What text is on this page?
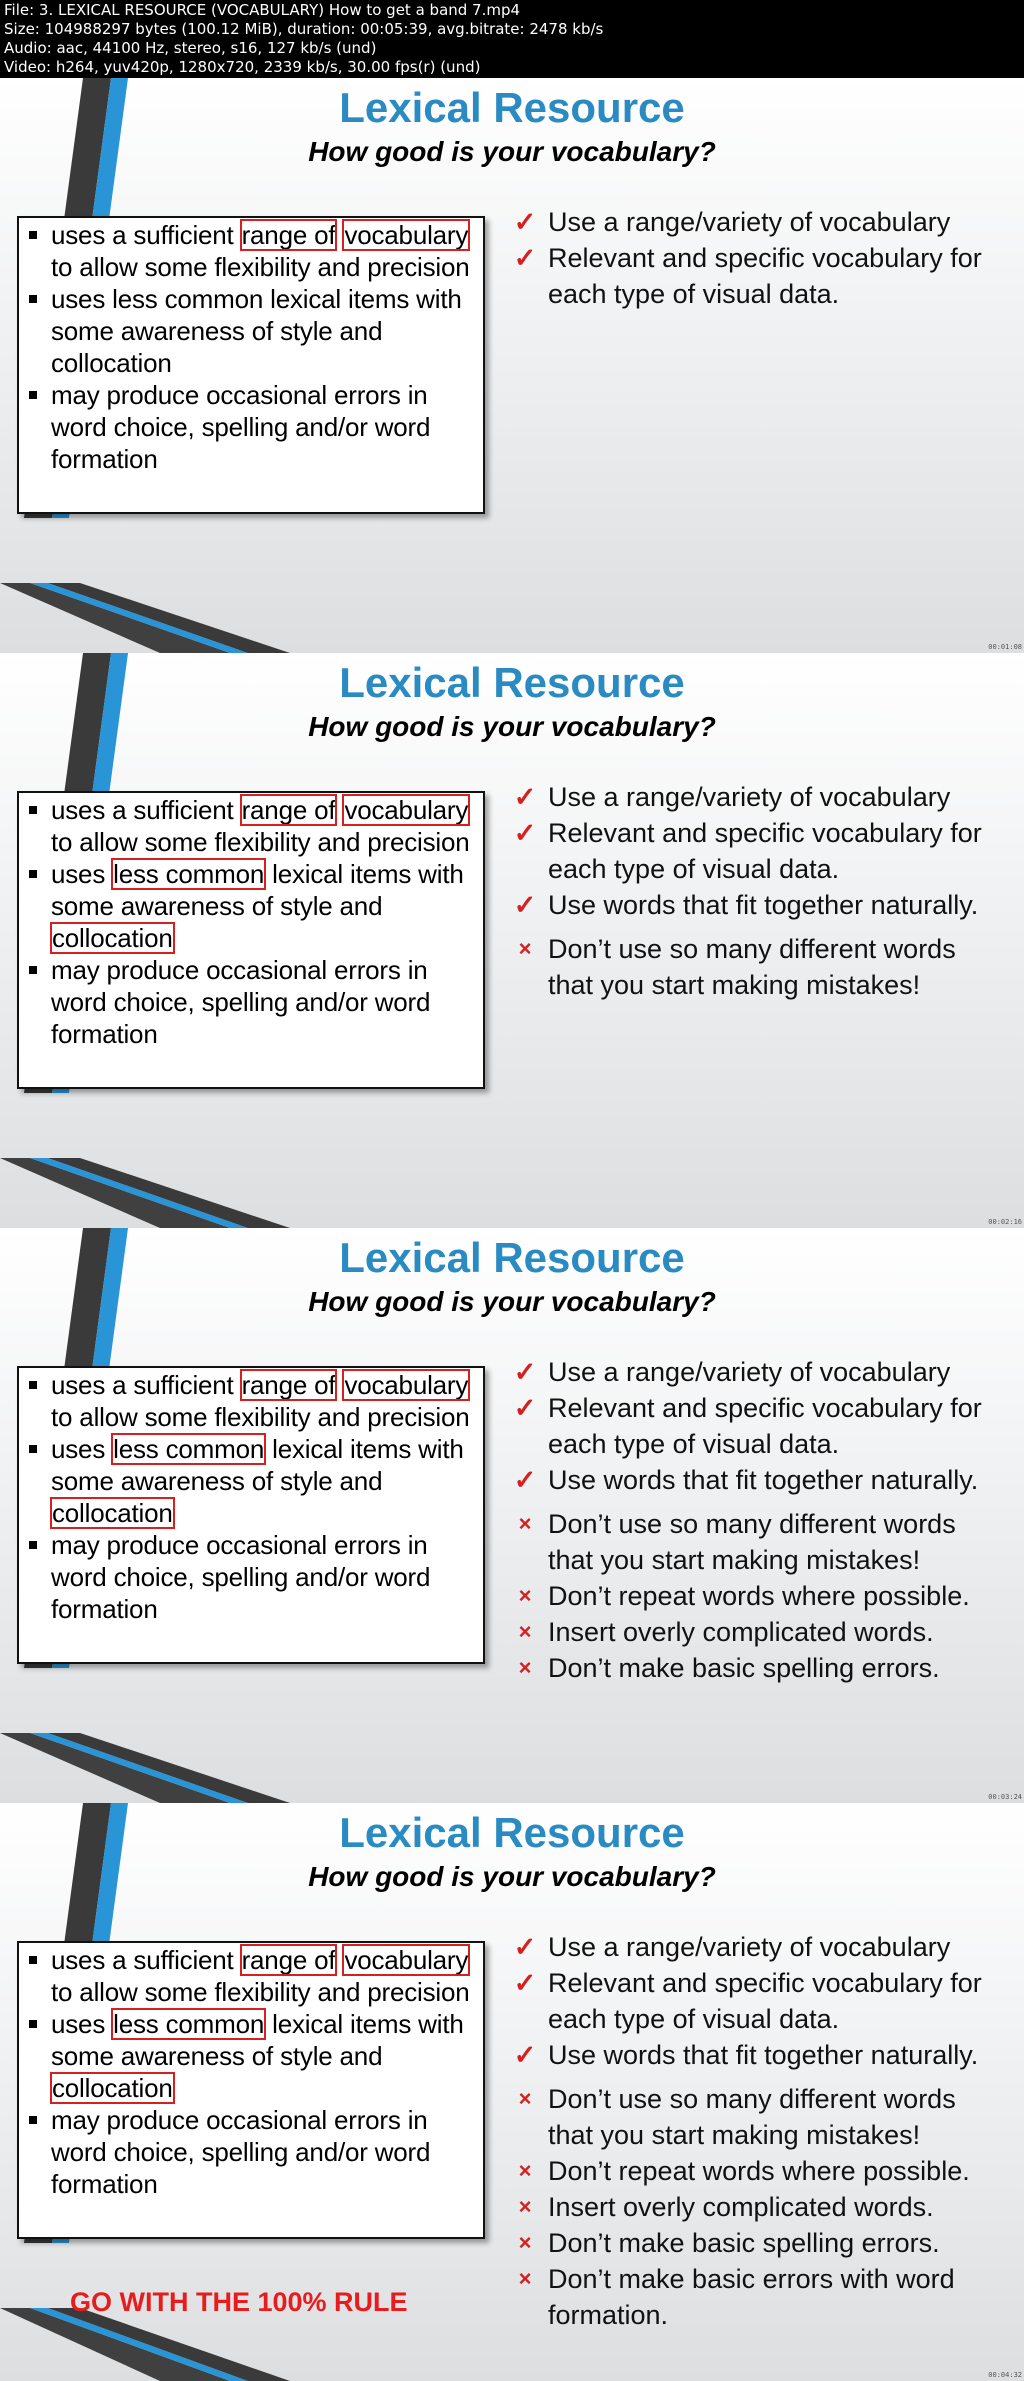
File: 3. LEXICAL RESOURCE (VOCABULARY) How to get a band 7.mp4
Size: 104988297 bytes (100.12 MiB), duration: 00:05:39, avg.bitrate: 2478 kb/s
Audio: aac, 44100 Hz, stereo, s16, 127 kb/s (und)
Video: h264, yuv420p, 1280x720, 2339 kb/s, 30.00 fps(r) (und)
Lexical Resource
How good is your vocabulary?
uses a sufficient range of vocabulary to allow some flexibility and precision
uses less common lexical items with some awareness of style and collocation
may produce occasional errors in word choice, spelling and/or word formation
✓ Use a range/variety of vocabulary
✓ Relevant and specific vocabulary for each type of visual data.
00:01:08
Lexical Resource
How good is your vocabulary?
uses a sufficient range of vocabulary to allow some flexibility and precision
uses less common lexical items with some awareness of style and collocation
may produce occasional errors in word choice, spelling and/or word formation
✓ Use a range/variety of vocabulary
✓ Relevant and specific vocabulary for each type of visual data.
✓ Use words that fit together naturally.
× Don’t use so many different words that you start making mistakes!
00:02:16
Lexical Resource
How good is your vocabulary?
uses a sufficient range of vocabulary to allow some flexibility and precision
uses less common lexical items with some awareness of style and collocation
may produce occasional errors in word choice, spelling and/or word formation
✓ Use a range/variety of vocabulary
✓ Relevant and specific vocabulary for each type of visual data.
✓ Use words that fit together naturally.
× Don’t use so many different words that you start making mistakes!
× Don’t repeat words where possible.
× Insert overly complicated words.
× Don’t make basic spelling errors.
00:03:24
Lexical Resource
How good is your vocabulary?
uses a sufficient range of vocabulary to allow some flexibility and precision
uses less common lexical items with some awareness of style and collocation
may produce occasional errors in word choice, spelling and/or word formation
GO WITH THE 100% RULE
✓ Use a range/variety of vocabulary
✓ Relevant and specific vocabulary for each type of visual data.
✓ Use words that fit together naturally.
× Don’t use so many different words that you start making mistakes!
× Don’t repeat words where possible.
× Insert overly complicated words.
× Don’t make basic spelling errors.
× Don’t make basic errors with word formation.
00:04:32
